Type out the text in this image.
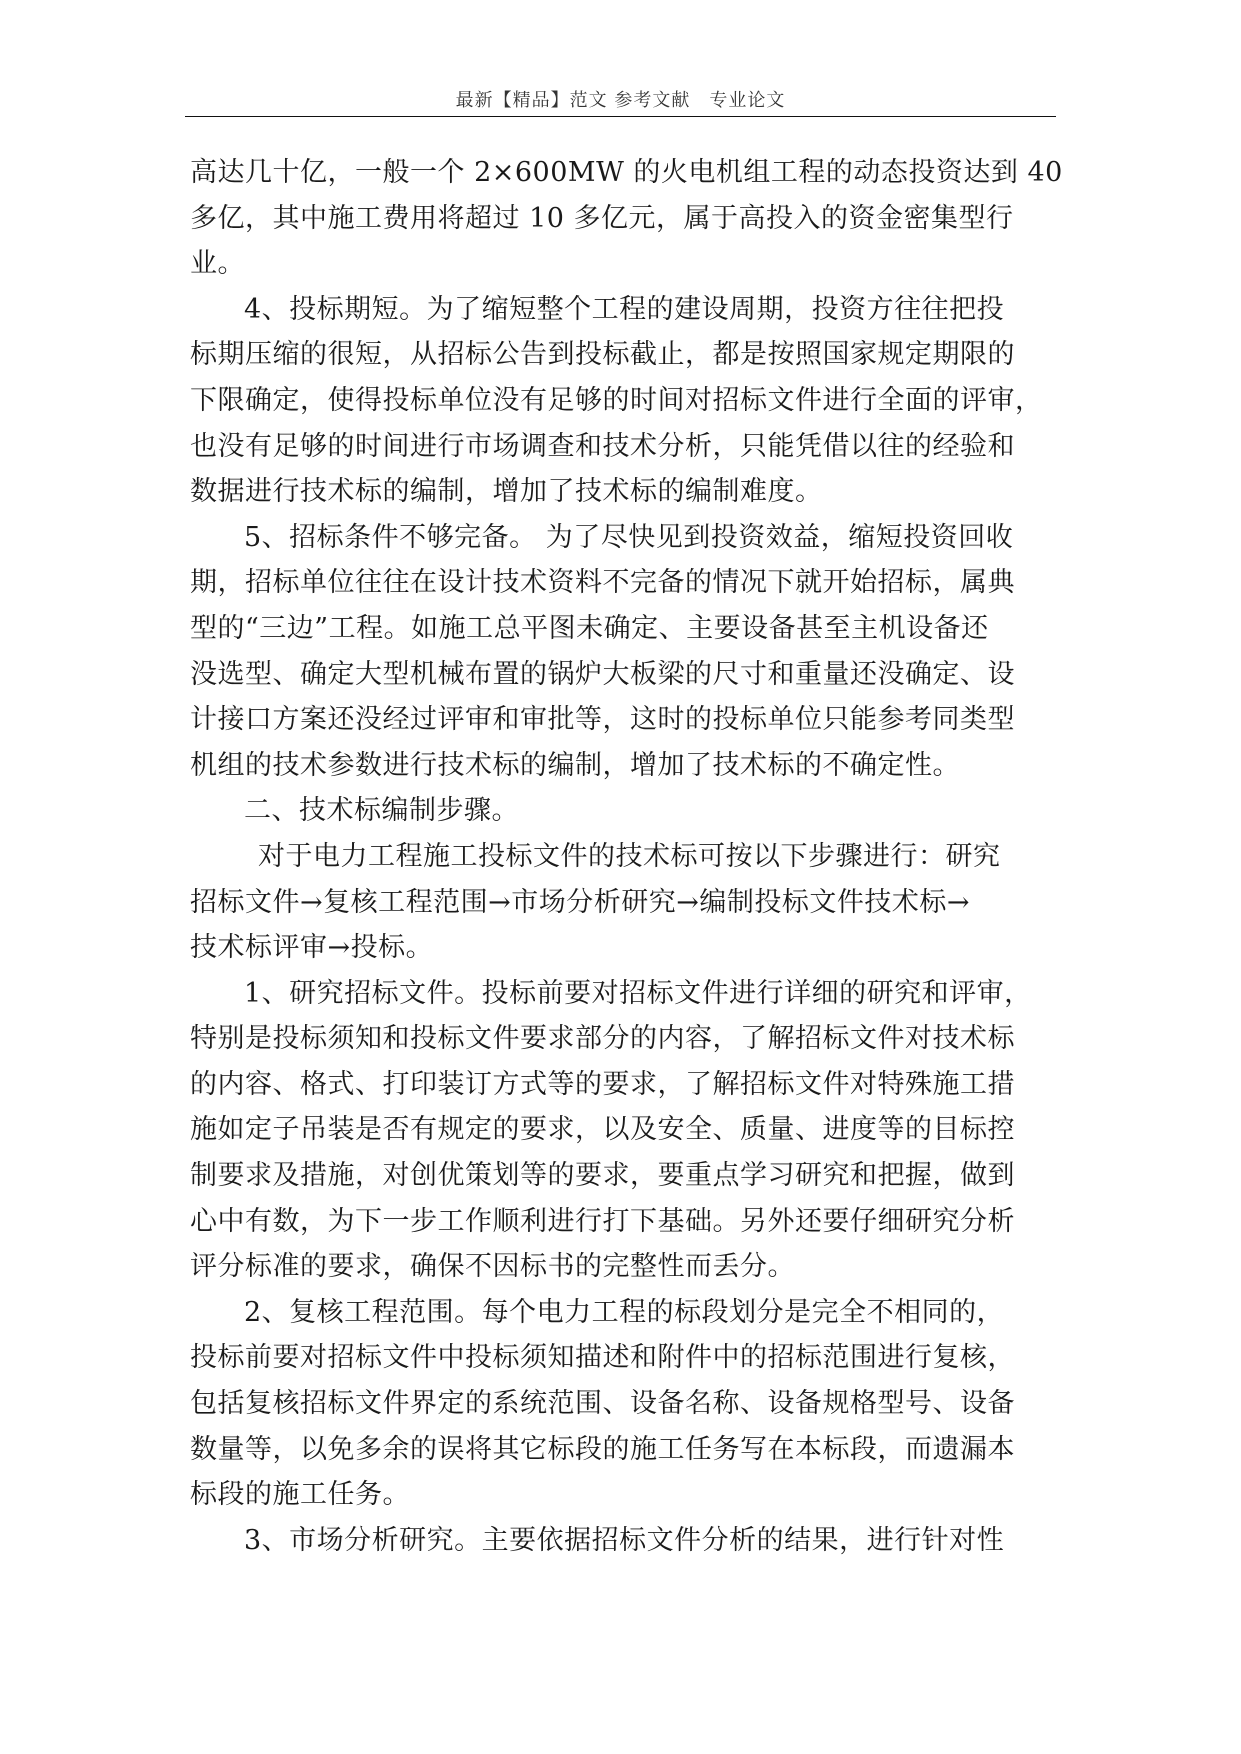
最新【精品】范文 参考文献　专业论文
高达几十亿，一般一个 2×600MW 的火电机组工程的动态投资达到 40
多亿，其中施工费用将超过 10 多亿元，属于高投入的资金密集型行
业。
4、投标期短。为了缩短整个工程的建设周期，投资方往往把投
标期压缩的很短，从招标公告到投标截止，都是按照国家规定期限的
下限确定，使得投标单位没有足够的时间对招标文件进行全面的评审，
也没有足够的时间进行市场调查和技术分析，只能凭借以往的经验和
数据进行技术标的编制，增加了技术标的编制难度。
5、招标条件不够完备。 为了尽快见到投资效益，缩短投资回收
期，招标单位往往在设计技术资料不完备的情况下就开始招标，属典
型的“三边”工程。如施工总平图未确定、主要设备甚至主机设备还
没选型、确定大型机械布置的锅炉大板梁的尺寸和重量还没确定、设
计接口方案还没经过评审和审批等，这时的投标单位只能参考同类型
机组的技术参数进行技术标的编制，增加了技术标的不确定性。
二、技术标编制步骤。
对于电力工程施工投标文件的技术标可按以下步骤进行：研究
招标文件→复核工程范围→市场分析研究→编制投标文件技术标→
技术标评审→投标。
1、研究招标文件。投标前要对招标文件进行详细的研究和评审，
特别是投标须知和投标文件要求部分的内容，了解招标文件对技术标
的内容、格式、打印装订方式等的要求，了解招标文件对特殊施工措
施如定子吊装是否有规定的要求，以及安全、质量、进度等的目标控
制要求及措施，对创优策划等的要求，要重点学习研究和把握，做到
心中有数，为下一步工作顺利进行打下基础。另外还要仔细研究分析
评分标准的要求，确保不因标书的完整性而丢分。
2、复核工程范围。每个电力工程的标段划分是完全不相同的，
投标前要对招标文件中投标须知描述和附件中的招标范围进行复核，
包括复核招标文件界定的系统范围、设备名称、设备规格型号、设备
数量等，以免多余的误将其它标段的施工任务写在本标段，而遗漏本
标段的施工任务。
3、市场分析研究。主要依据招标文件分析的结果，进行针对性
